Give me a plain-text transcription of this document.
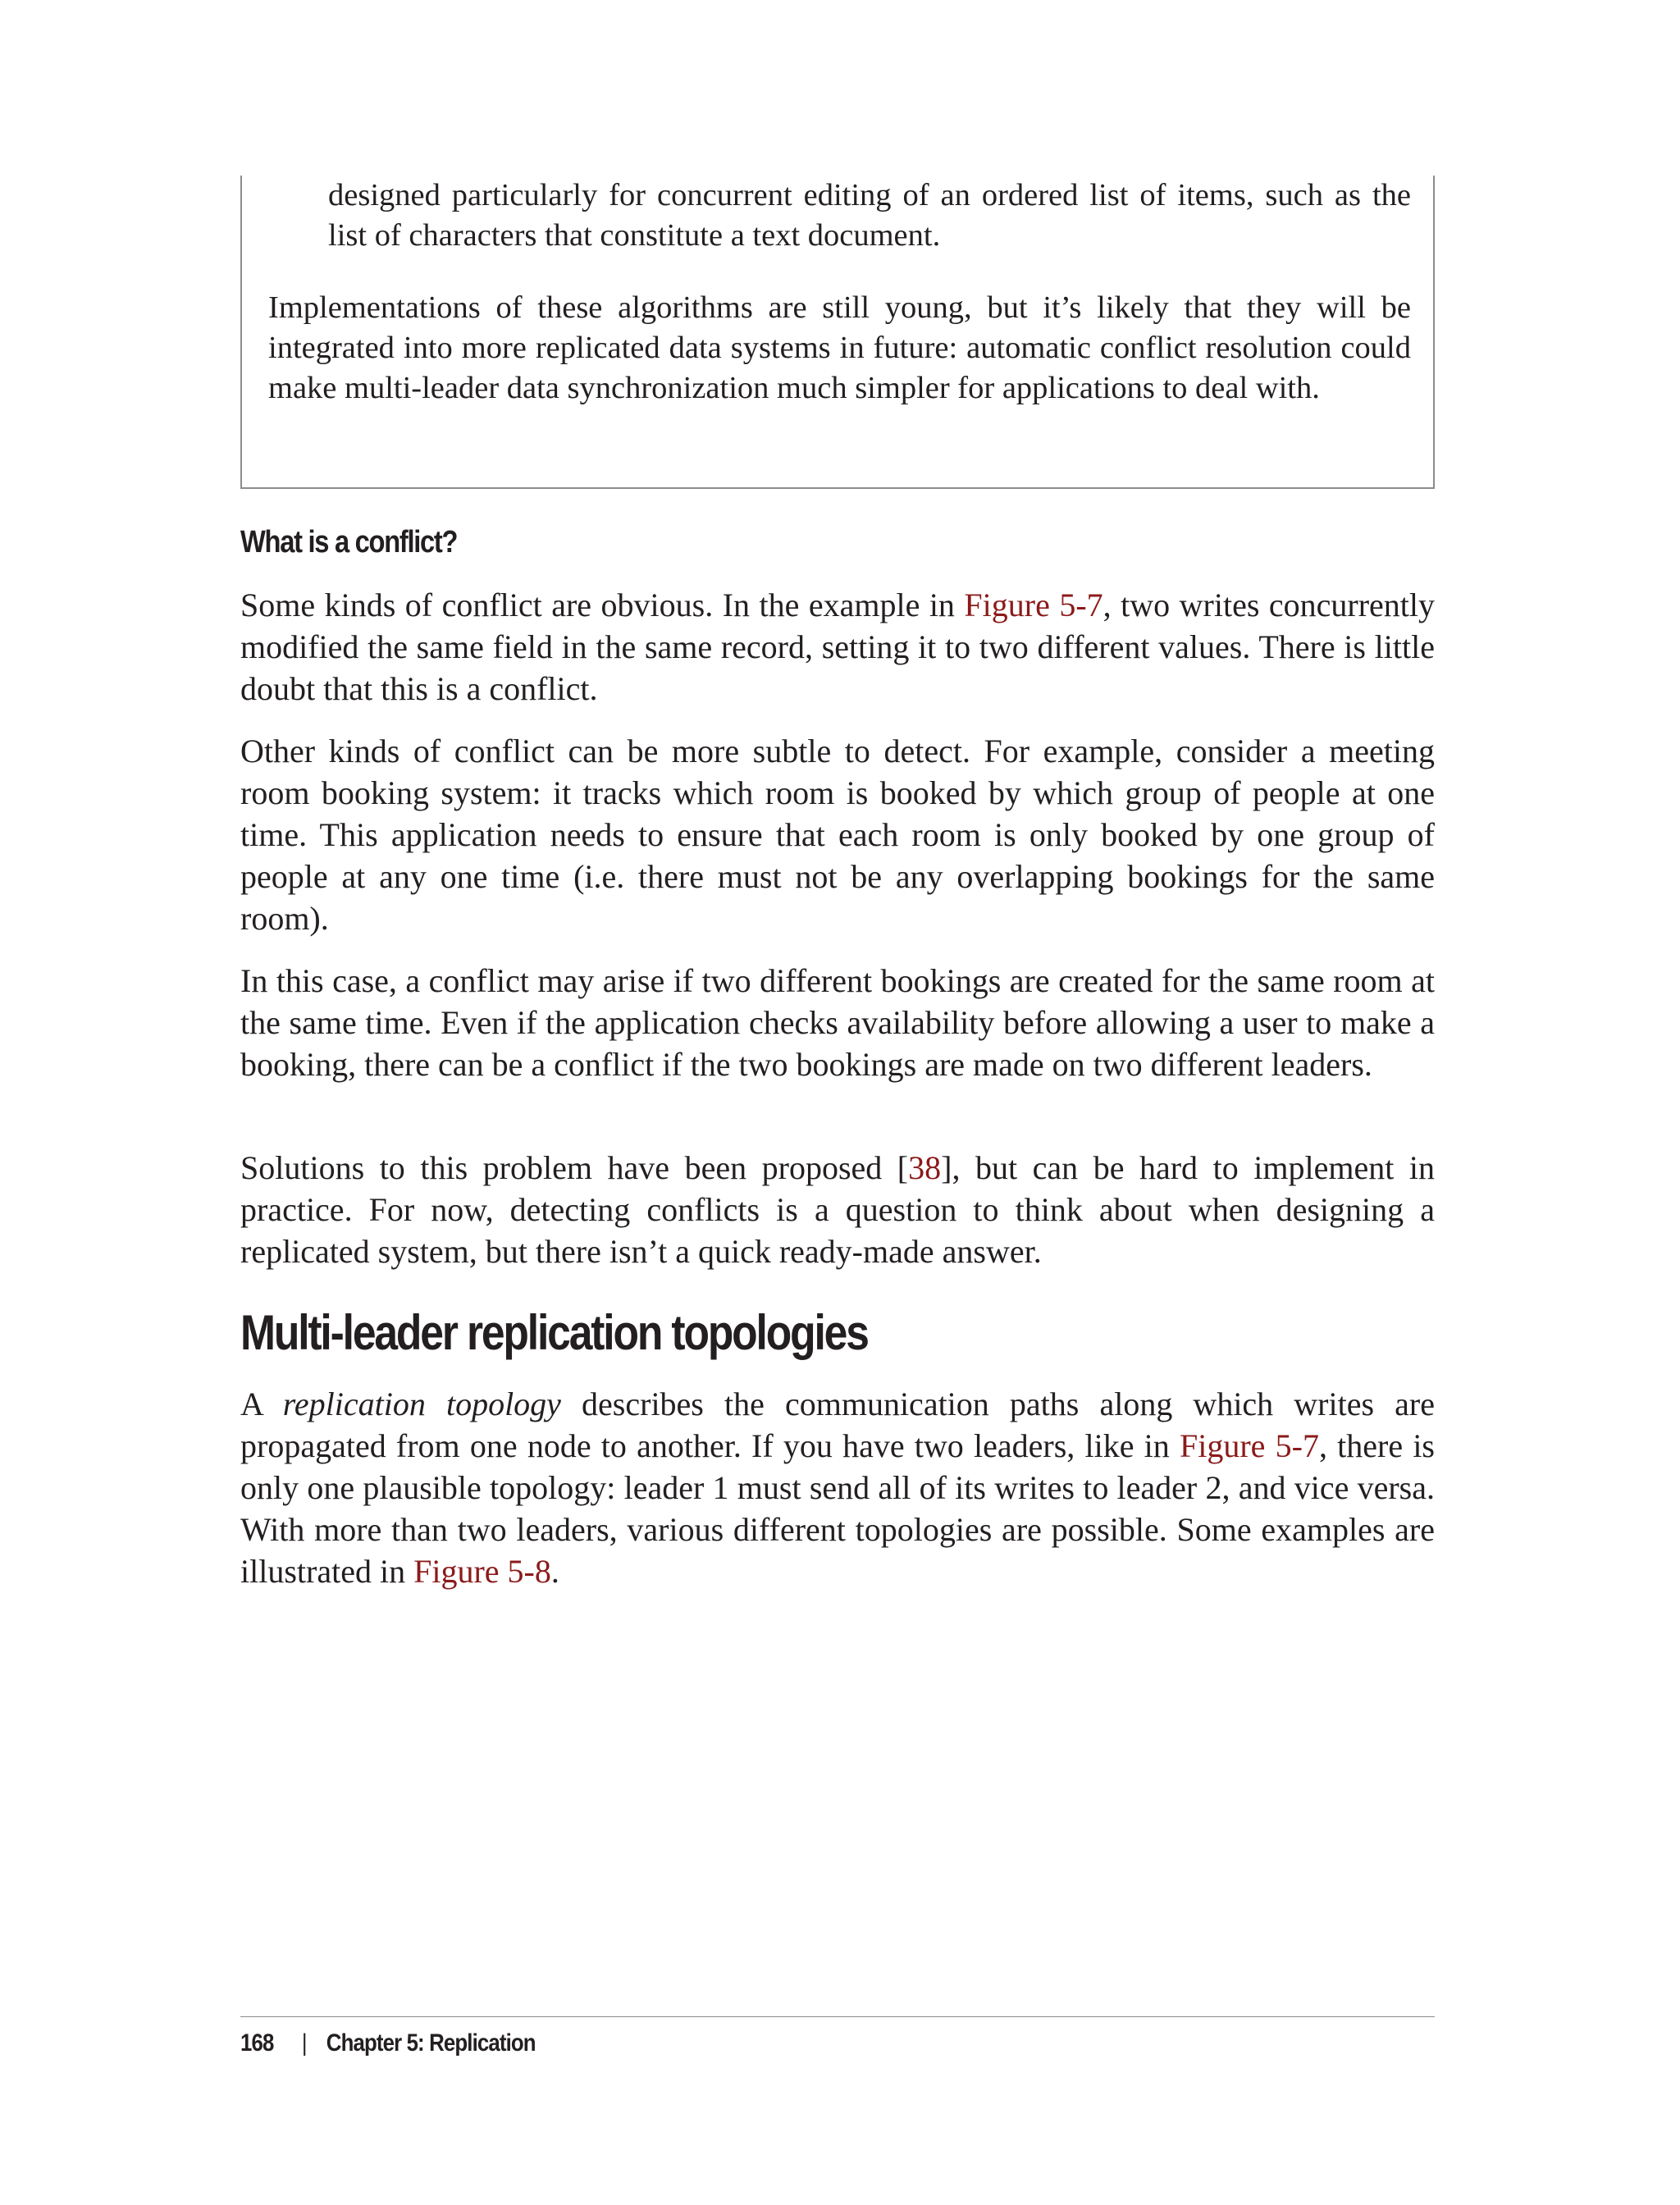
designed particularly for concurrent editing of an ordered list of items, such as the list of characters that constitute a text document.
Implementations of these algorithms are still young, but it’s likely that they will be integrated into more replicated data systems in future: automatic conflict resolution could make multi-leader data synchronization much simpler for applications to deal with.
What is a conflict?

Some kinds of conflict are obvious. In the example in Figure 5-7, two writes concurrently modified the same field in the same record, setting it to two different values. There is little doubt that this is a conflict.

Other kinds of conflict can be more subtle to detect. For example, consider a meeting room booking system: it tracks which room is booked by which group of people at one time. This application needs to ensure that each room is only booked by one group of people at any one time (i.e. there must not be any overlapping bookings for the same room).

In this case, a conflict may arise if two different bookings are created for the same room at the same time. Even if the application checks availability before allowing a user to make a booking, there can be a conflict if the two bookings are made on two different leaders.

Solutions to this problem have been proposed [38], but can be hard to implement in practice. For now, detecting conflicts is a question to think about when designing a replicated system, but there isn’t a quick ready-made answer.

Multi-leader replication topologies

A replication topology describes the communication paths along which writes are propagated from one node to another. If you have two leaders, like in Figure 5-7, there is only one plausible topology: leader 1 must send all of its writes to leader 2, and vice versa. With more than two leaders, various different topologies are possible. Some examples are illustrated in Figure 5-8.

168 | Chapter 5: Replication
